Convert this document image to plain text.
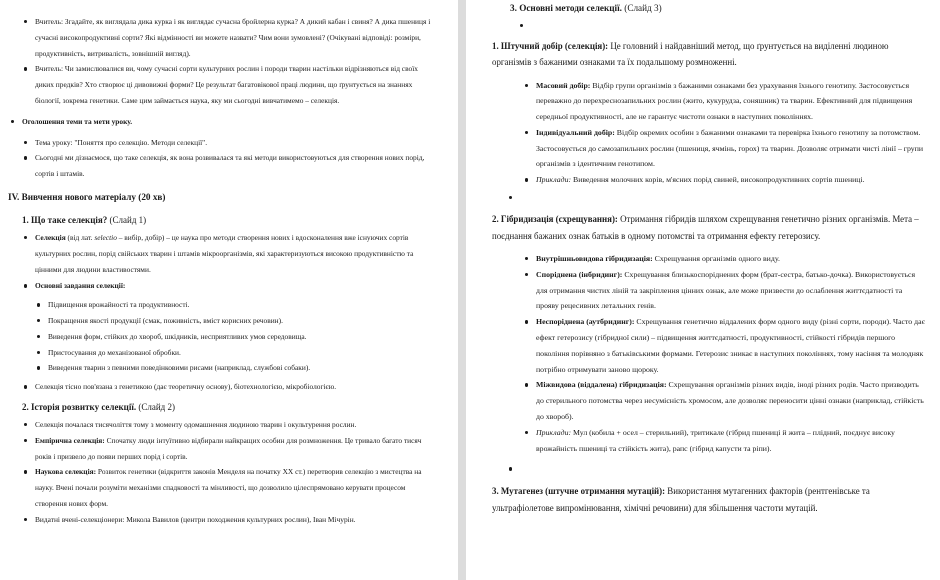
Вчитель: Згадайте, як виглядала дика курка і як виглядає сучасна бройлерна курка? А дикий кабан і свиня? А дика пшениця і сучасні високопродуктивні сорти? Які відмінності ви можете назвати? Чим вони зумовлені? (Очікувані відповіді: розміри, продуктивність, витривалість, зовнішній вигляд).
Вчитель: Чи замислювалися ви, чому сучасні сорти культурних рослин і породи тварин настільки відрізняються від своїх диких предків? Хто створює ці дивовижні форми? Це результат багатовікової праці людини, що ґрунтується на знаннях біології, зокрема генетики. Саме цим займається наука, яку ми сьогодні вивчатимемо – селекція.
Оголошення теми та мети уроку.
Тема уроку: "Поняття про селекцію. Методи селекції".
Сьогодні ми дізнаємося, що таке селекція, як вона розвивалася та які методи використовуються для створення нових порід, сортів і штамів.
IV. Вивчення нового матеріалу (20 хв)
1. Що таке селекція? (Слайд 1)
Селекція (від лат. selectio – вибір, добір) – це наука про методи створення нових і вдосконалення вже існуючих сортів культурних рослин, порід свійських тварин і штамів мікроорганізмів, які характеризуються високою продуктивністю та цінними для людини властивостями.
Основні завдання селекції:
Підвищення врожайності та продуктивності.
Покращення якості продукції (смак, поживність, вміст корисних речовин).
Виведення форм, стійких до хвороб, шкідників, несприятливих умов середовища.
Пристосування до механізованої обробки.
Виведення тварин з певними поведінковими рисами (наприклад, службові собаки).
Селекція тісно пов'язана з генетикою (дає теоретичну основу), біотехнологією, мікробіологією.
2. Історія розвитку селекції. (Слайд 2)
Селекція почалася тисячоліття тому з моменту одомашнення людиною тварин і окультурення рослин.
Емпірична селекція: Спочатку люди інтуїтивно відбирали найкращих особин для розмноження. Це тривало багато тисяч років і призвело до появи перших порід і сортів.
Наукова селекція: Розвиток генетики (відкриття законів Менделя на початку XX ст.) перетворив селекцію з мистецтва на науку. Вчені почали розуміти механізми спадковості та мінливості, що дозволило цілеспрямовано керувати процесом створення нових форм.
Видатні вчені-селекціонери: Микола Вавилов (центри походження культурних рослин), Іван Мічурін.
3. Основні методи селекції. (Слайд 3)
1. Штучний добір (селекція): Це головний і найдавніший метод, що ґрунтується на виділенні людиною організмів з бажаними ознаками та їх подальшому розмноженні.
Масовий добір: Відбір групи організмів з бажаними ознаками без урахування їхнього генотипу. Застосовується переважно до перехреснозапильних рослин (жито, кукурудза, соняшник) та тварин. Ефективний для підвищення середньої продуктивності, але не гарантує чистоти ознаки в наступних поколіннях.
Індивідуальний добір: Відбір окремих особин з бажаними ознаками та перевірка їхнього генотипу за потомством. Застосовується до самозапильних рослин (пшениця, ячмінь, горох) та тварин. Дозволяє отримати чисті лінії – групи організмів з ідентичним генотипом.
Приклади: Виведення молочних корів, м'ясних порід свиней, високопродуктивних сортів пшениці.
2. Гібридизація (схрещування): Отримання гібридів шляхом схрещування генетично різних організмів. Мета – поєднання бажаних ознак батьків в одному потомстві та отримання ефекту гетерозису.
Внутрішньовидова гібридизація: Схрещування організмів одного виду.
Споріднена (інбридинг): Схрещування близькоспоріднених форм (брат-сестра, батько-дочка). Використовується для отримання чистих ліній та закріплення цінних ознак, але може призвести до ослаблення життєдатності та прояву рецесивних летальних генів.
Неспоріднена (аутбридинг): Схрещування генетично віддалених форм одного виду (різні сорти, породи). Часто дає ефект гетерозису (гібридної сили) – підвищення життєдатності, продуктивності, стійкості гібридів першого покоління порівняно з батьківськими формами. Гетерозис зникає в наступних поколіннях, тому насіння та молодняк потрібно отримувати заново щороку.
Міжвидова (віддалена) гібридизація: Схрещування організмів різних видів, іноді різних родів. Часто призводить до стерильного потомства через несумісність хромосом, але дозволяє переносити цінні ознаки (наприклад, стійкість до хвороб).
Приклади: Мул (кобила + осел – стерильний), тритикале (гібрид пшениці й жита – плідний, поєднує високу врожайність пшениці та стійкість жита), рапс (гібрид капусти та ріпи).
3. Мутагенез (штучне отримання мутацій): Використання мутагенних факторів (рентгенівське та ультрафіолетове випромінювання, хімічні речовини) для збільшення частоти мутацій.
